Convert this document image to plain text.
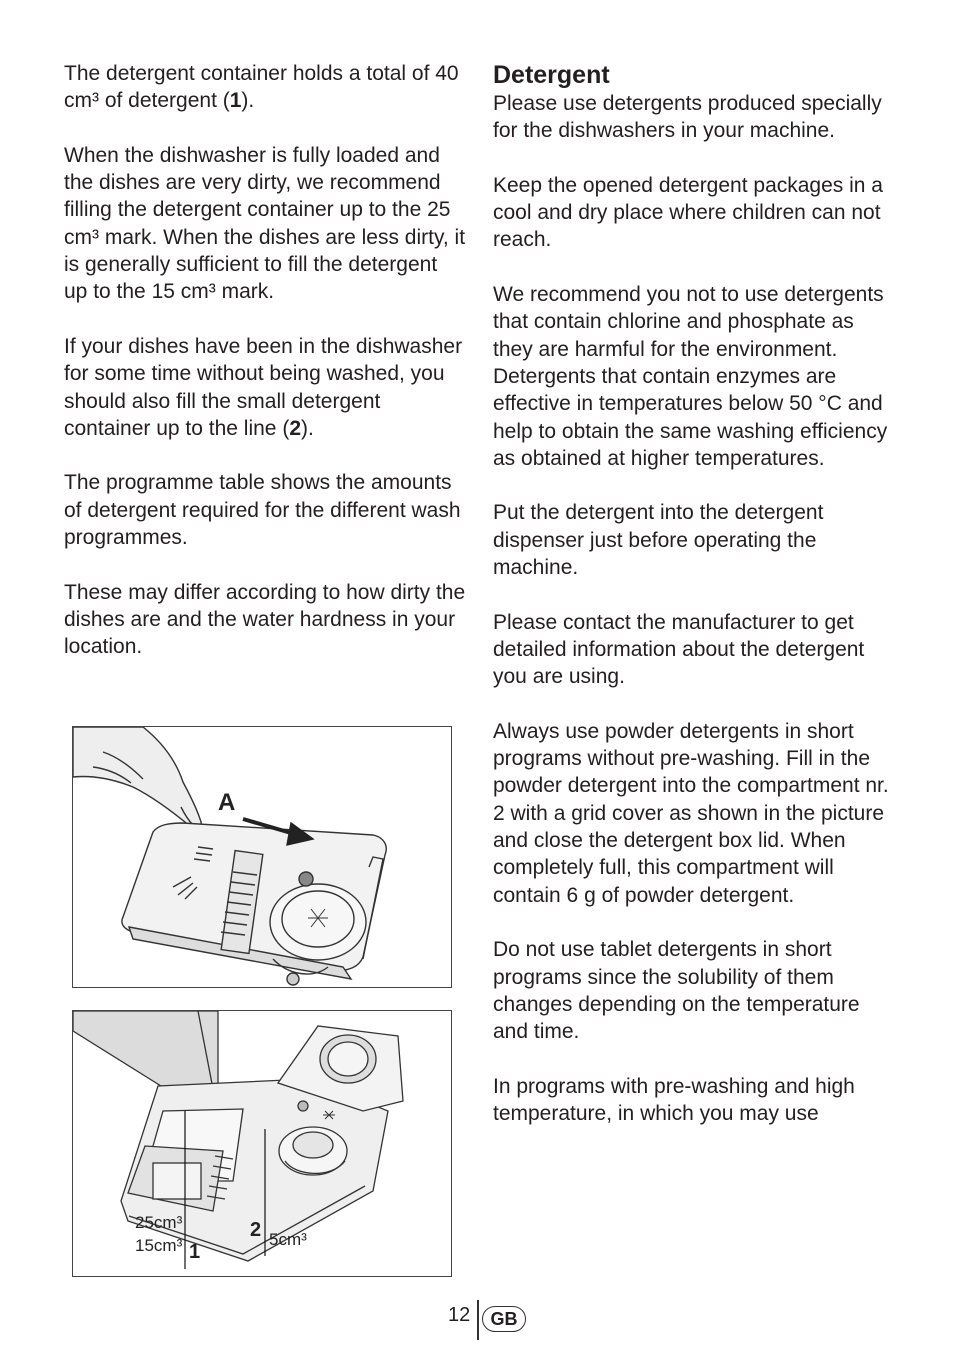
The detergent container holds a total of 40 cm³ of detergent (1).

When the dishwasher is fully loaded and the dishes are very dirty, we recommend filling the detergent container up to the 25 cm³ mark. When the dishes are less dirty, it is generally sufficient to fill the detergent up to the 15 cm³ mark.

If your dishes have been in the dishwasher for some time without being washed, you should also fill the small detergent container up to the line (2).

The programme table shows the amounts of detergent required for the different wash programmes.

These may differ according to how dirty the dishes are and the water hardness in your location.

A
25cm³
15cm³ 1
2 5cm³
Detergent

Please use detergents produced specially for the dishwashers in your machine.

Keep the opened detergent packages in a cool and dry place where children can not reach.

We recommend you not to use detergents that contain chlorine and phosphate as they are harmful for the environment. Detergents that contain enzymes are effective in temperatures below 50 °C and help to obtain the same washing efficiency as obtained at higher temperatures.

Put the detergent into the detergent dispenser just before operating the machine.

Please contact the manufacturer to get detailed information about the detergent you are using.

Always use powder detergents in short programs without pre-washing. Fill in the powder detergent into the compartment nr. 2 with a grid cover as shown in the picture and close the detergent box lid. When completely full, this compartment will contain 6 g of powder detergent.

Do not use tablet detergents in short programs since the solubility of them changes depending on the temperature and time.

In programs with pre-washing and high temperature, in which you may use

12	GB
